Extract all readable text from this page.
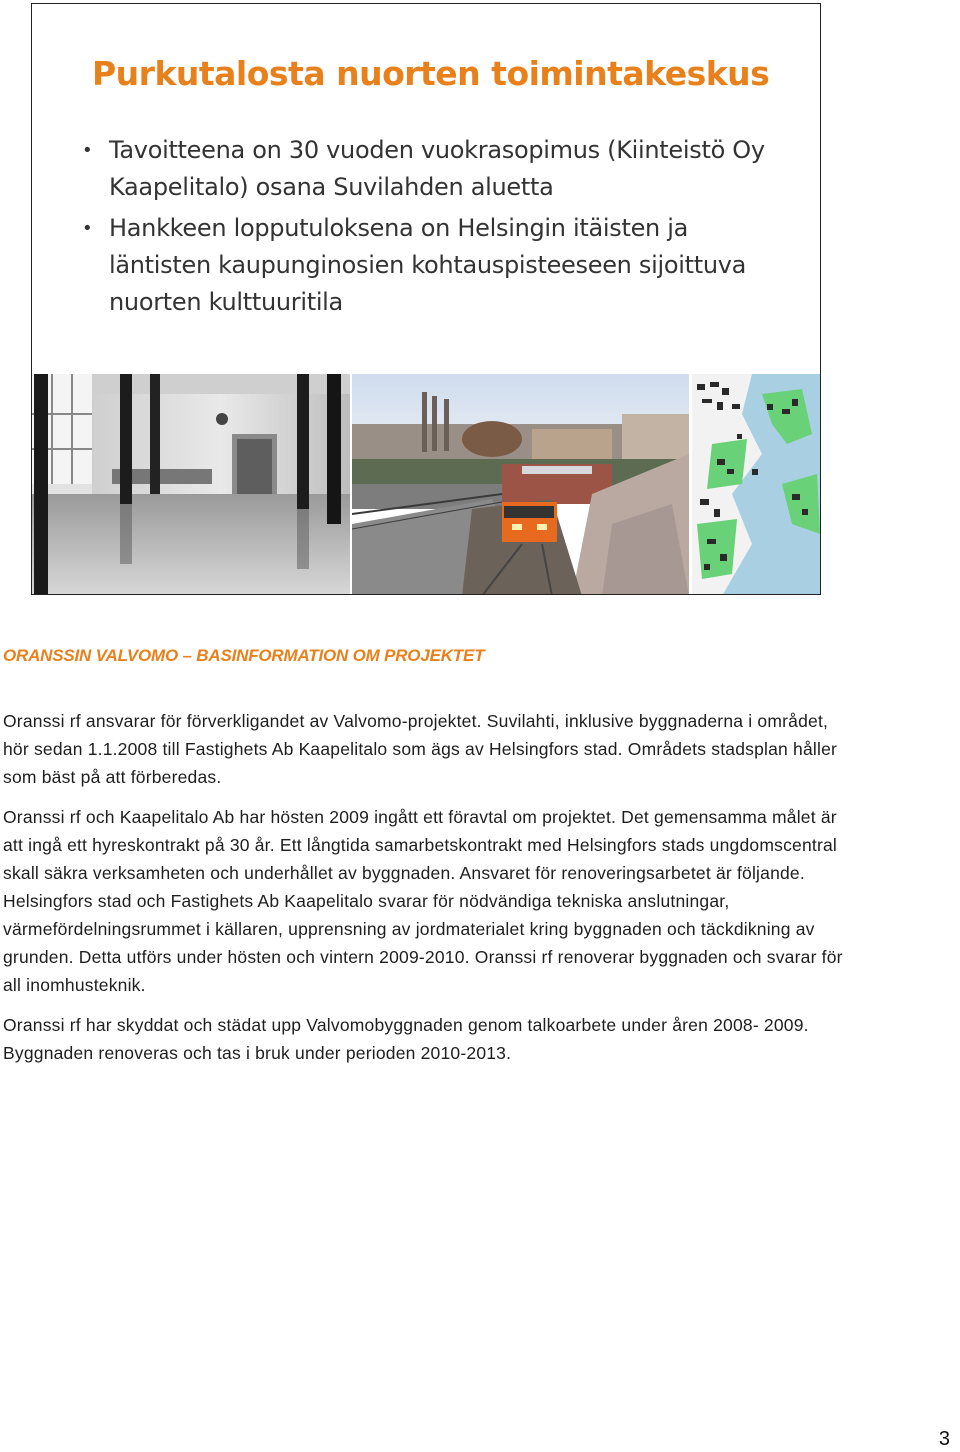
Purkutalosta nuorten toimintakeskus
• Tavoitteena on 30 vuoden vuokrasopimus (Kiinteistö Oy Kaapelitalo) osana Suvilahden aluetta
• Hankkeen lopputuloksena on Helsingin itäisten ja läntisten kaupunginosien kohtauspisteeseen sijoittuva nuorten kulttuuritila
ORANSSIN VALVOMO – BASINFORMATION OM PROJEKTET

Oranssi rf ansvarar för förverkligandet av Valvomo-projektet. Suvilahti, inklusive byggnaderna i området, hör sedan 1.1.2008 till Fastighets Ab Kaapelitalo som ägs av Helsingfors stad. Områdets stadsplan håller som bäst på att förberedas.

Oranssi rf och Kaapelitalo Ab har hösten 2009 ingått ett föravtal om projektet. Det gemensamma målet är att ingå ett hyreskontrakt på 30 år. Ett långtida samarbetskontrakt med Helsingfors stads ungdomscentral skall säkra verksamheten och underhållet av byggnaden. Ansvaret för renoveringsarbetet är följande. Helsingfors stad och Fastighets Ab Kaapelitalo svarar för nödvändiga tekniska anslutningar, värmefördelningsrummet i källaren, upprensning av jordmaterialet kring byggnaden och täckdikning av grunden. Detta utförs under hösten och vintern 2009-2010. Oranssi rf renoverar byggnaden och svarar för all inomhusteknik.

Oranssi rf har skyddat och städat upp Valvomobyggnaden genom talkoarbete under åren 2008- 2009. Byggnaden renoveras och tas i bruk under perioden 2010-2013.

3
